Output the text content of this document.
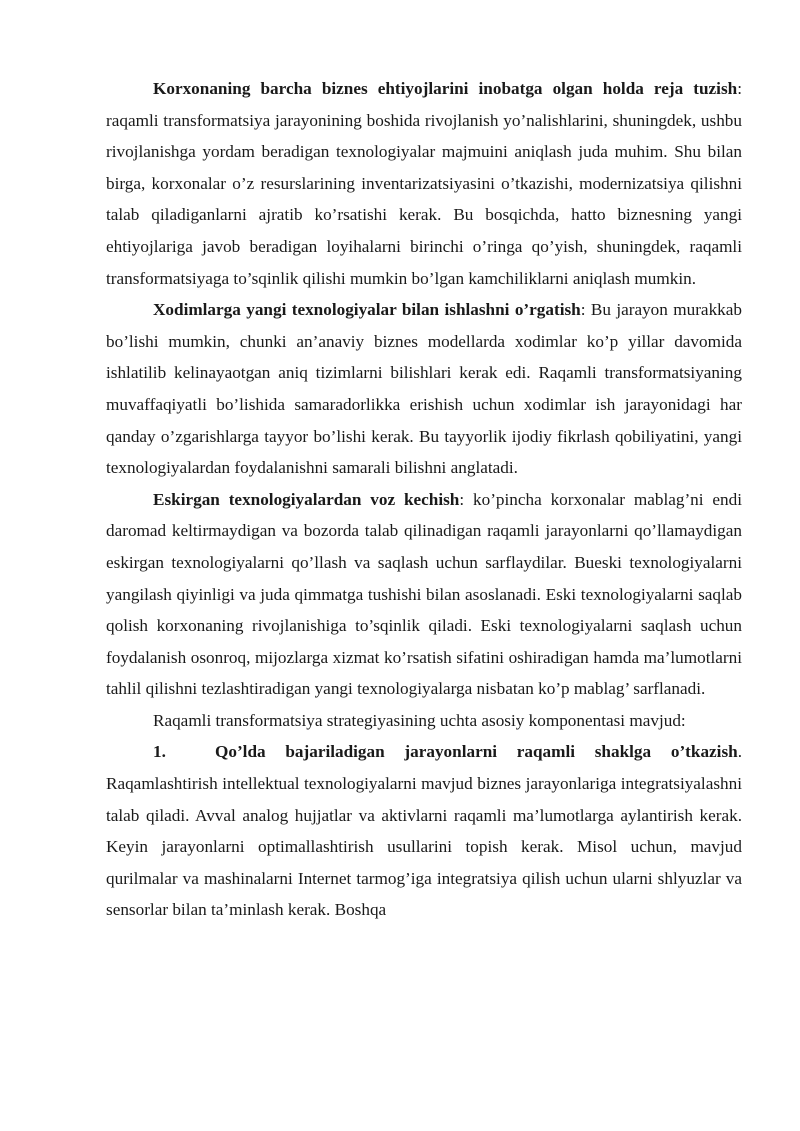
Korxonaning barcha biznes ehtiyojlarini inobatga olgan holda reja tuzish: raqamli transformatsiya jarayonining boshida rivojlanish yo’nalishlarini, shuningdek, ushbu rivojlanishga yordam beradigan texnologiyalar majmuini aniqlash juda muhim. Shu bilan birga, korxonalar o’z resurslarining inventarizatsiyasini o’tkazishi, modernizatsiya qilishni talab qiladiganlarni ajratib ko’rsatishi kerak. Bu bosqichda, hatto biznesning yangi ehtiyojlariga javob beradigan loyihalarni birinchi o’ringa qo’yish, shuningdek, raqamli transformatsiyaga to’sqinlik qilishi mumkin bo’lgan kamchiliklarni aniqlash mumkin.

Xodimlarga yangi texnologiyalar bilan ishlashni o’rgatish: Bu jarayon murakkab bo’lishi mumkin, chunki an’anaviy biznes modellarda xodimlar ko’p yillar davomida ishlatilib kelinayaotgan aniq tizimlarni bilishlari kerak edi. Raqamli transformatsiyaning muvaffaqiyatli bo’lishida samaradorlikka erishish uchun xodimlar ish jarayonidagi har qanday o’zgarishlarga tayyor bo’lishi kerak. Bu tayyorlik ijodiy fikrlash qobiliyatini, yangi texnologiyalardan foydalanishni samarali bilishni anglatadi.

Eskirgan texnologiyalardan voz kechish: ko’pincha korxonalar mablag’ni endi daromad keltirmaydigan va bozorda talab qilinadigan raqamli jarayonlarni qo’llamaydigan eskirgan texnologiyalarni qo’llash va saqlash uchun sarflaydilar. Bueski texnologiyalarni yangilash qiyinligi va juda qimmatga tushishi bilan asoslanadi. Eski texnologiyalarni saqlab qolish korxonaning rivojlanishiga to’sqinlik qiladi. Eski texnologiyalarni saqlash uchun foydalanish osonroq, mijozlarga xizmat ko’rsatish sifatini oshiradigan hamda ma’lumotlarni tahlil qilishni tezlashtiradigan yangi texnologiyalarga nisbatan ko’p mablag’ sarflanadi.

Raqamli transformatsiya strategiyasining uchta asosiy komponentasi mavjud:

1.	Qo’lda bajariladigan jarayonlarni raqamli shaklga o’tkazish. Raqamlashtirish intellektual texnologiyalarni mavjud biznes jarayonlariga integratsiyalashni talab qiladi. Avval analog hujjatlar va aktivlarni raqamli ma’lumotlarga aylantirish kerak. Keyin jarayonlarni optimallashtirish usullarini topish kerak. Misol uchun, mavjud qurilmalar va mashinalarni Internet tarmog’iga integratsiya qilish uchun ularni shlyuzlar va sensorlar bilan ta’minlash kerak. Boshqa
